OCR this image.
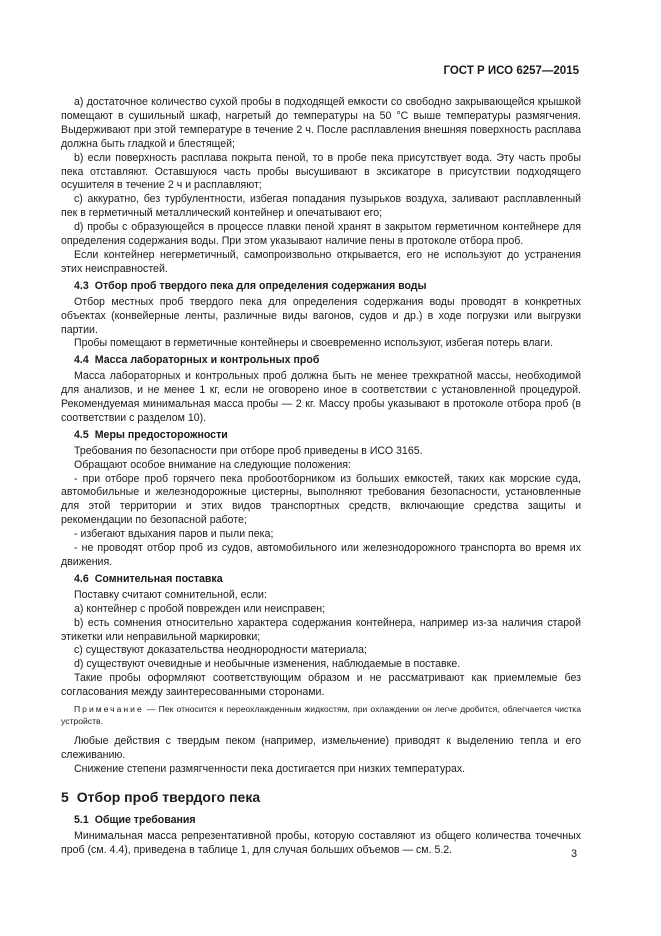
ГОСТ Р ИСО 6257—2015

а) достаточное количество сухой пробы в подходящей емкости со свободно закрывающейся крышкой помещают в сушильный шкаф, нагретый до температуры на 50 °С выше температуры размягчения. Выдерживают при этой температуре в течение 2 ч. После расплавления внешняя поверхность расплава должна быть гладкой и блестящей;

b) если поверхность расплава покрыта пеной, то в пробе пека присутствует вода. Эту часть пробы пека отставляют. Оставшуюся часть пробы высушивают в эксикаторе в присутствии подходящего осушителя в течение 2 ч и расплавляют;

с) аккуратно, без турбулентности, избегая попадания пузырьков воздуха, заливают расплавленный пек в герметичный металлический контейнер и опечатывают его;

d) пробы с образующейся в процессе плавки пеной хранят в закрытом герметичном контейнере для определения содержания воды. При этом указывают наличие пены в протоколе отбора проб.

Если контейнер негерметичный, самопроизвольно открывается, его не используют до устранения этих неисправностей.

4.3 Отбор проб твердого пека для определения содержания воды

Отбор местных проб твердого пека для определения содержания воды проводят в конкретных объектах (конвейерные ленты, различные виды вагонов, судов и др.) в ходе погрузки или выгрузки партии.

Пробы помещают в герметичные контейнеры и своевременно используют, избегая потерь влаги.

4.4 Масса лабораторных и контрольных проб

Масса лабораторных и контрольных проб должна быть не менее трехкратной массы, необходимой для анализов, и не менее 1 кг, если не оговорено иное в соответствии с установленной процедурой. Рекомендуемая минимальная масса пробы — 2 кг. Массу пробы указывают в протоколе отбора проб (в соответствии с разделом 10).

4.5 Меры предосторожности

Требования по безопасности при отборе проб приведены в ИСО 3165.

Обращают особое внимание на следующие положения:

- при отборе проб горячего пека пробоотборником из больших емкостей, таких как морские суда, автомобильные и железнодорожные цистерны, выполняют требования безопасности, установленные для этой территории и этих видов транспортных средств, включающие средства защиты и рекомендации по безопасной работе;

- избегают вдыхания паров и пыли пека;

- не проводят отбор проб из судов, автомобильного или железнодорожного транспорта во время их движения.

4.6 Сомнительная поставка

Поставку считают сомнительной, если:

а) контейнер с пробой поврежден или неисправен;

b) есть сомнения относительно характера содержания контейнера, например из-за наличия старой этикетки или неправильной маркировки;

с) существуют доказательства неоднородности материала;

d) существуют очевидные и необычные изменения, наблюдаемые в поставке.

Такие пробы оформляют соответствующим образом и не рассматривают как приемлемые без согласования между заинтересованными сторонами.

Примечание — Пек относится к переохлажденным жидкостям, при охлаждении он легче дробится, облегчается чистка устройств.

Любые действия с твердым пеком (например, измельчение) приводят к выделению тепла и его слеживанию.

Снижение степени размягченности пека достигается при низких температурах.

5 Отбор проб твердого пека
5.1 Общие требования

Минимальная масса репрезентативной пробы, которую составляют из общего количества точечных проб (см. 4.4), приведена в таблице 1, для случая больших объемов — см. 5.2.	3
